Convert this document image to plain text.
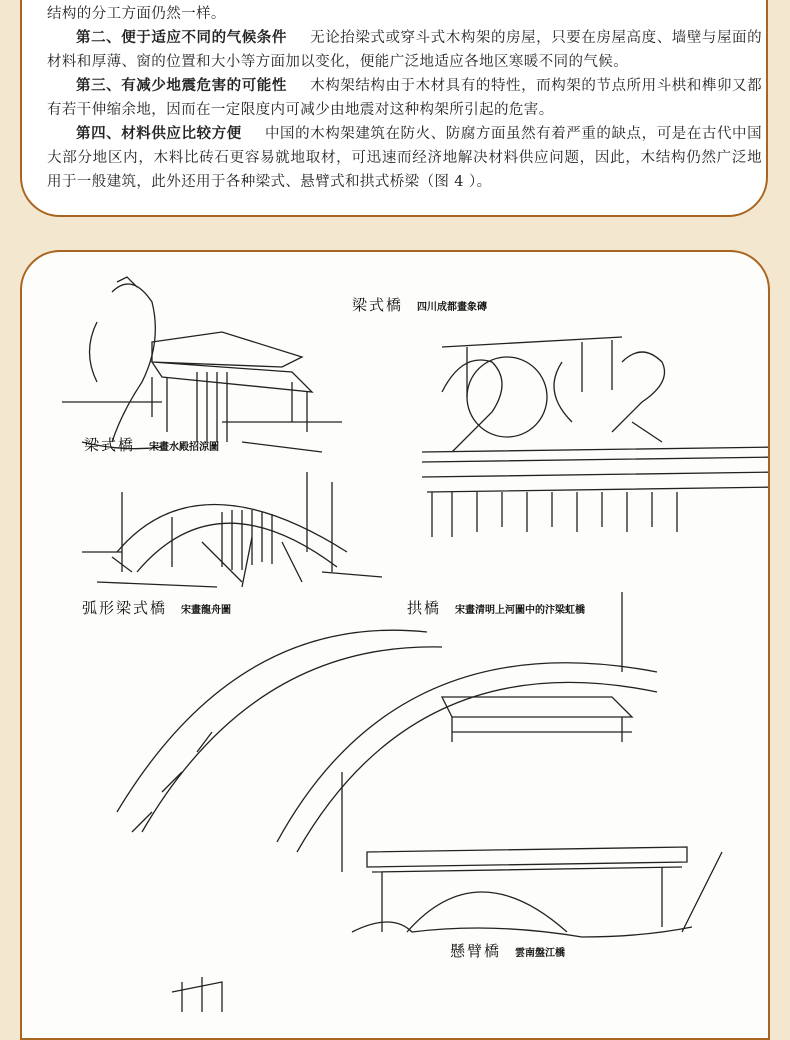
结构的分工方面仍然一样。

第二、便于适应不同的气候条件 无论抬梁式或穿斗式木构架的房屋，只要在房屋高度、墙壁与屋面的材料和厚薄、窗的位置和大小等方面加以变化，便能广泛地适应各地区寒暖不同的气候。

第三、有减少地震危害的可能性 木构架结构由于木材具有的特性，而构架的节点所用斗栱和榫卯又都有若干伸缩余地，因而在一定限度内可减少由地震对这种构架所引起的危害。

第四、材料供应比较方便 中国的木构架建筑在防火、防腐方面虽然有着严重的缺点，可是在古代中国大部分地区内，木料比砖石更容易就地取材，可迅速而经济地解决材料供应问题，因此，木结构仍然广泛地用于一般建筑，此外还用于各种梁式、悬臂式和拱式桥梁（图 4 ）。

梁式橋 四川成都畫象磚
梁式橋 宋畫水殿招涼圖
弧形梁式橋 宋畫龍舟圖	拱橋 宋畫清明上河圖中的汴梁虹橋
懸臂橋 雲南盤江橋
